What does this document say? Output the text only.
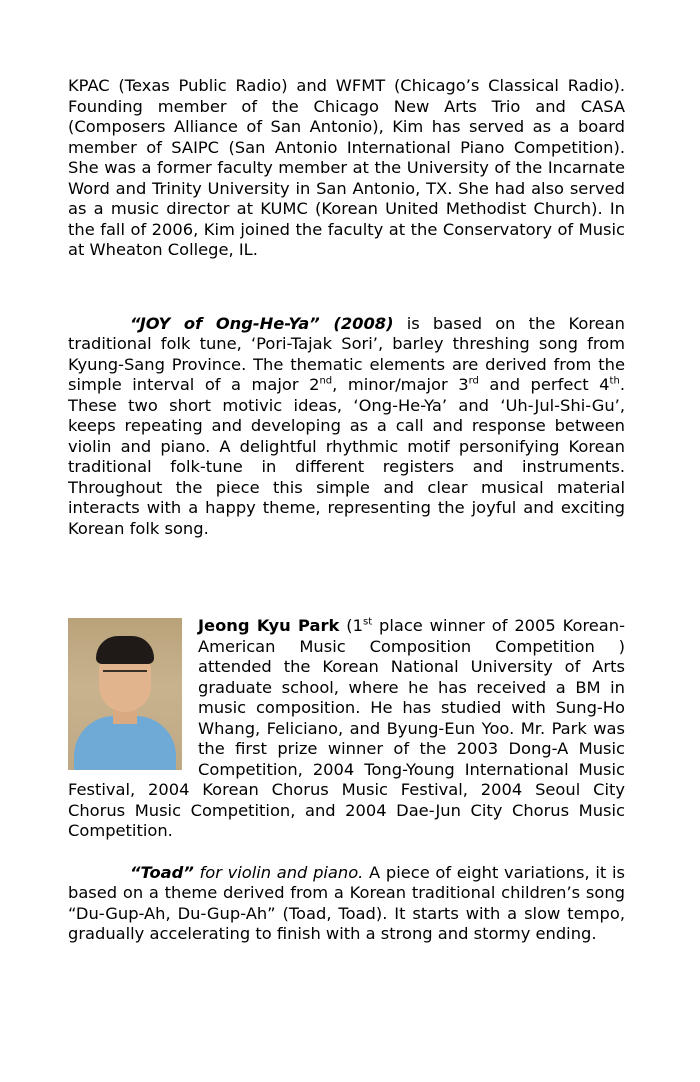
KPAC (Texas Public Radio) and WFMT (Chicago’s Classical Radio). Founding member of the Chicago New Arts Trio and CASA (Composers Alliance of San Antonio), Kim has served as a board member of SAIPC (San Antonio International Piano Competition). She was a former faculty member at the University of the Incarnate Word and Trinity University in San Antonio, TX. She had also served as a music director at KUMC (Korean United Methodist Church). In the fall of 2006, Kim joined the faculty at the Conservatory of Music at Wheaton College, IL.

“JOY of Ong-He-Ya” (2008) is based on the Korean traditional folk tune, ‘Pori-Tajak Sori’, barley threshing song from Kyung-Sang Province. The thematic elements are derived from the simple interval of a major 2nd, minor/major 3rd and perfect 4th. These two short motivic ideas, ‘Ong-He-Ya’ and ‘Uh-Jul-Shi-Gu’, keeps repeating and developing as a call and response between violin and piano. A delightful rhythmic motif personifying Korean traditional folk-tune in different registers and instruments. Throughout the piece this simple and clear musical material interacts with a happy theme, representing the joyful and exciting Korean folk song.

Jeong Kyu Park (1st place winner of 2005 Korean-American Music Composition Competition ) attended the Korean National University of Arts graduate school, where he has received a BM in music composition. He has studied with Sung-Ho Whang, Feliciano, and Byung-Eun Yoo. Mr. Park was the first prize winner of the 2003 Dong-A Music Competition, 2004 Tong-Young International Music Festival, 2004 Korean Chorus Music Festival, 2004 Seoul City Chorus Music Competition, and 2004 Dae-Jun City Chorus Music Competition.

“Toad” for violin and piano. A piece of eight variations, it is based on a theme derived from a Korean traditional children’s song “Du-Gup-Ah, Du-Gup-Ah” (Toad, Toad). It starts with a slow tempo, gradually accelerating to finish with a strong and stormy ending.
